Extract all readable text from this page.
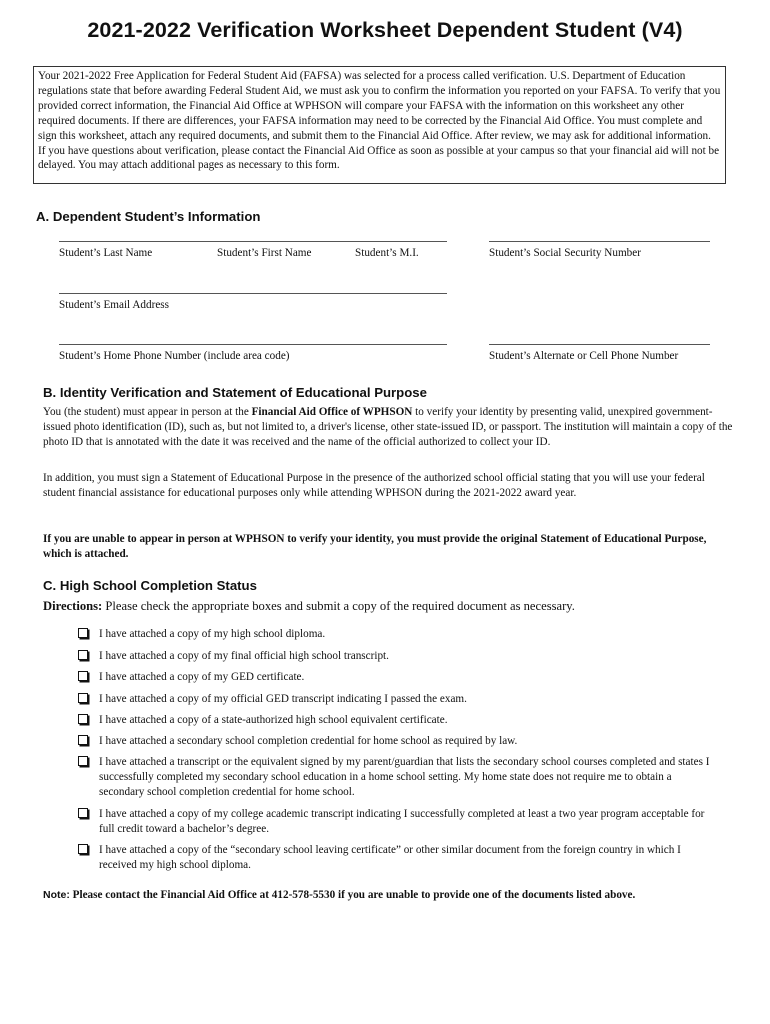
2021-2022 Verification Worksheet Dependent Student (V4)
Your 2021-2022 Free Application for Federal Student Aid (FAFSA) was selected for a process called verification. U.S. Department of Education regulations state that before awarding Federal Student Aid, we must ask you to confirm the information you reported on your FAFSA. To verify that you provided correct information, the Financial Aid Office at WPHSON will compare your FAFSA with the information on this worksheet any other required documents. If there are differences, your FAFSA information may need to be corrected by the Financial Aid Office. You must complete and sign this worksheet, attach any required documents, and submit them to the Financial Aid Office. After review, we may ask for additional information. If you have questions about verification, please contact the Financial Aid Office as soon as possible at your campus so that your financial aid will not be delayed. You may attach additional pages as necessary to this form.
A. Dependent Student’s Information
Student’s Last Name	Student’s First Name	Student’s M.I.	Student’s Social Security Number
Student’s Email Address
Student’s Home Phone Number (include area code)	Student’s Alternate or Cell Phone Number
B. Identity Verification and Statement of Educational Purpose
You (the student) must appear in person at the Financial Aid Office of WPHSON to verify your identity by presenting valid, unexpired government-issued photo identification (ID), such as, but not limited to, a driver's license, other state-issued ID, or passport. The institution will maintain a copy of the photo ID that is annotated with the date it was received and the name of the official authorized to collect your ID.
In addition, you must sign a Statement of Educational Purpose in the presence of the authorized school official stating that you will use your federal student financial assistance for educational purposes only while attending WPHSON during the 2021-2022 award year.
If you are unable to appear in person at WPHSON to verify your identity, you must provide the original Statement of Educational Purpose, which is attached.
C. High School Completion Status
Directions: Please check the appropriate boxes and submit a copy of the required document as necessary.
I have attached a copy of my high school diploma.
I have attached a copy of my final official high school transcript.
I have attached a copy of my GED certificate.
I have attached a copy of my official GED transcript indicating I passed the exam.
I have attached a copy of a state-authorized high school equivalent certificate.
I have attached a secondary school completion credential for home school as required by law.
I have attached a transcript or the equivalent signed by my parent/guardian that lists the secondary school courses completed and states I successfully completed my secondary school education in a home school setting. My home state does not require me to obtain a secondary school completion credential for home school.
I have attached a copy of my college academic transcript indicating I successfully completed at least a two year program acceptable for full credit toward a bachelor’s degree.
I have attached a copy of the “secondary school leaving certificate” or other similar document from the foreign country in which I received my high school diploma.
Note: Please contact the Financial Aid Office at 412-578-5530 if you are unable to provide one of the documents listed above.
